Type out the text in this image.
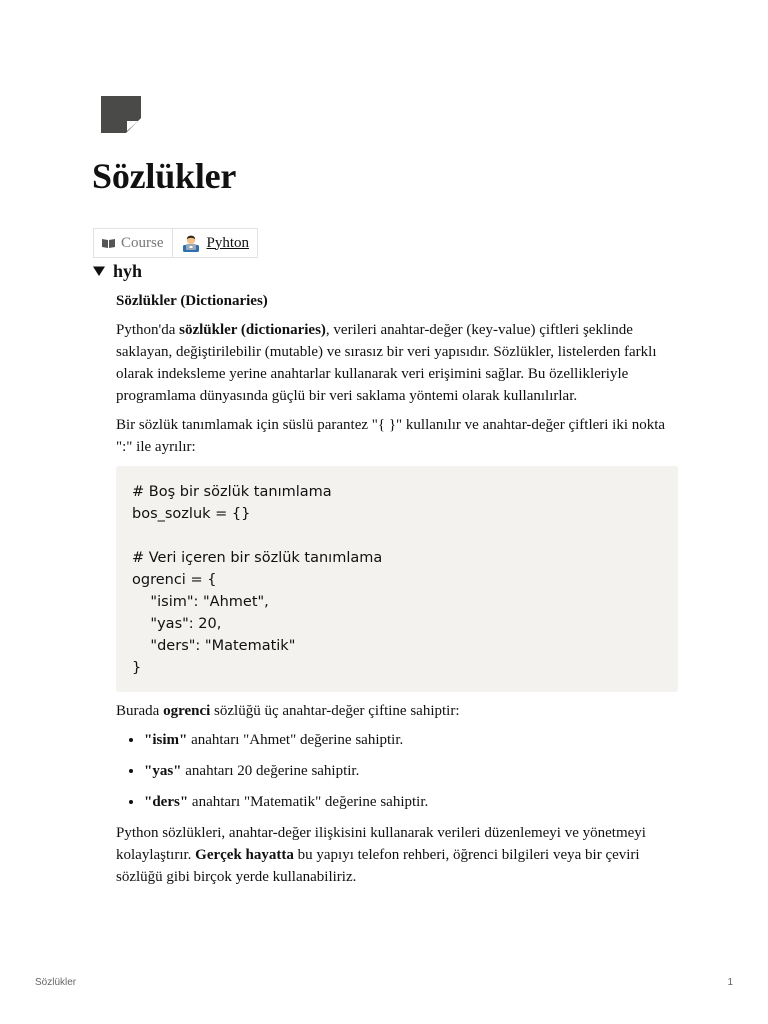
Sözlükler
Course	Pyhton
hyh

Sözlükler (Dictionaries)

Python'da sözlükler (dictionaries), verileri anahtar-değer (key-value) çiftleri şeklinde saklayan, değiştirilebilir (mutable) ve sırasız bir veri yapısıdır. Sözlükler, listelerden farklı olarak indeksleme yerine anahtarlar kullanarak veri erişimini sağlar. Bu özellikleriyle programlama dünyasında güçlü bir veri saklama yöntemi olarak kullanılırlar.

Bir sözlük tanımlamak için süslü parantez "{ }" kullanılır ve anahtar-değer çiftleri iki nokta ":" ile ayrılır:

# Boş bir sözlük tanımlama
bos_sozluk = {}
# Veri içeren bir sözlük tanımlama
ogrenci = {
"isim": "Ahmet",
"yas": 20,
"ders": "Matematik"
}

Burada ogrenci sözlüğü üç anahtar-değer çiftine sahiptir:

• "isim" anahtarı "Ahmet" değerine sahiptir.
• "yas" anahtarı 20 değerine sahiptir.
• "ders" anahtarı "Matematik" değerine sahiptir.

Python sözlükleri, anahtar-değer ilişkisini kullanarak verileri düzenlemeyi ve yönetmeyi kolaylaştırır. Gerçek hayatta bu yapıyı telefon rehberi, öğrenci bilgileri veya bir çeviri sözlüğü gibi birçok yerde kullanabiliriz.

Sözlükler	1
